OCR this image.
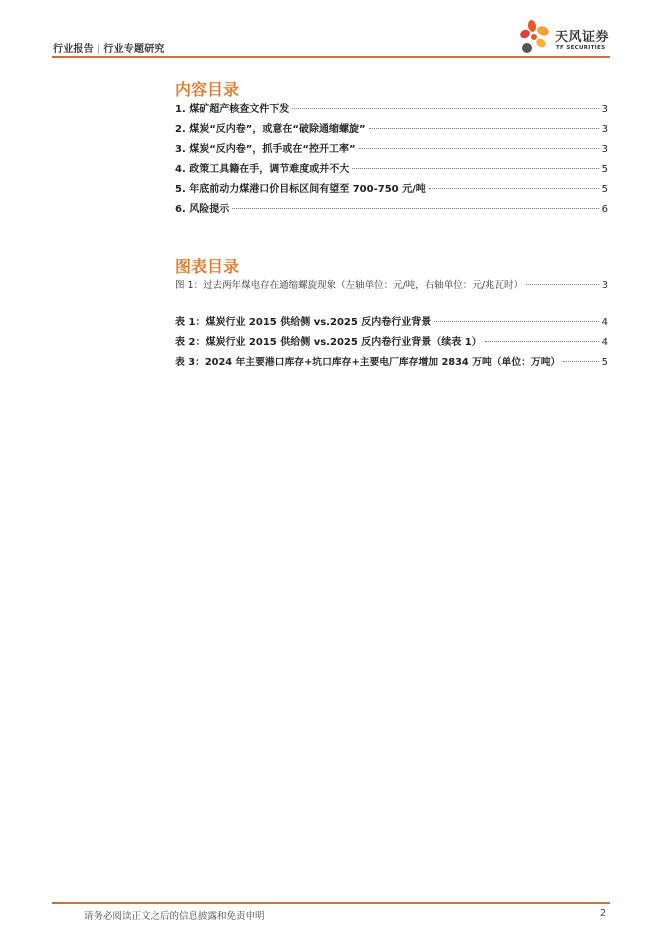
行业报告 | 行业专题研究
天风证券
TF SECURITIES
内容目录
1. 煤矿超产核查文件下发	3
2. 煤炭“反内卷”，或意在“破除通缩螺旋”	3
3. 煤炭“反内卷”，抓手或在“控开工率”	3
4. 政策工具籍在手，调节难度或并不大	5
5. 年底前动力煤港口价目标区间有望至 700-750 元/吨	5
6. 风险提示	6
图表目录
图 1：过去两年煤电存在通缩螺旋现象（左轴单位：元/吨，右轴单位：元/兆瓦时）	3
表 1：煤炭行业 2015 供给侧 vs.2025 反内卷行业背景	4
表 2：煤炭行业 2015 供给侧 vs.2025 反内卷行业背景（续表 1）	4
表 3：2024 年主要港口库存+坑口库存+主要电厂库存增加 2834 万吨（单位：万吨）	5
请务必阅读正文之后的信息披露和免责申明	2
